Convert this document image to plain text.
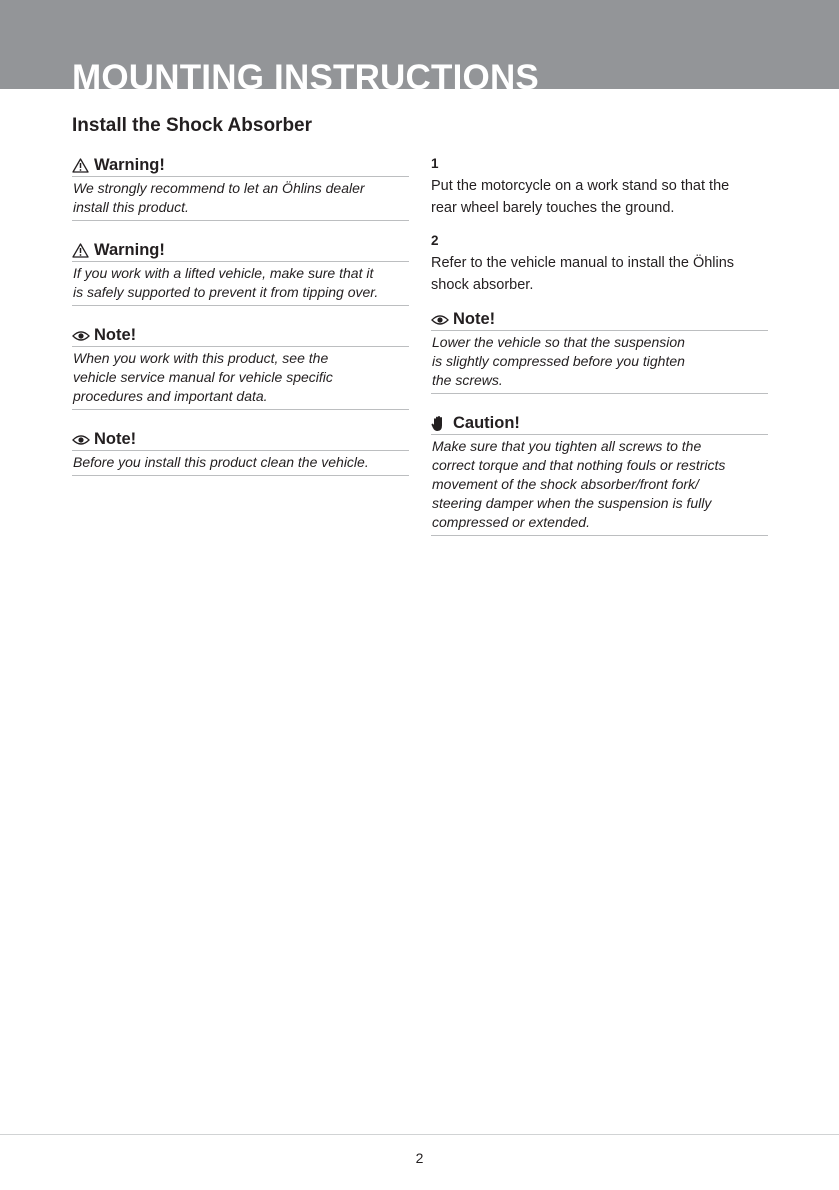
MOUNTING INSTRUCTIONS
Install the Shock Absorber
Warning!
We strongly recommend to let an Öhlins dealer
install this product.
Warning!
If you work with a lifted vehicle, make sure that it
is safely supported to prevent it from tipping over.
Note!
When you work with this product, see the
vehicle service manual for vehicle specific
procedures and important data.
Note!
Before you install this product clean the vehicle.
1
Put the motorcycle on a work stand so that the
rear wheel barely touches the ground.
2
Refer to the vehicle manual to install the Öhlins
shock absorber.
Note!
Lower the vehicle so that the suspension
is slightly compressed before you tighten
the screws.
Caution!
Make sure that you tighten all screws to the
correct torque and that nothing fouls or restricts
movement of the shock absorber/front fork/
steering damper when the suspension is fully
compressed or extended.
2
